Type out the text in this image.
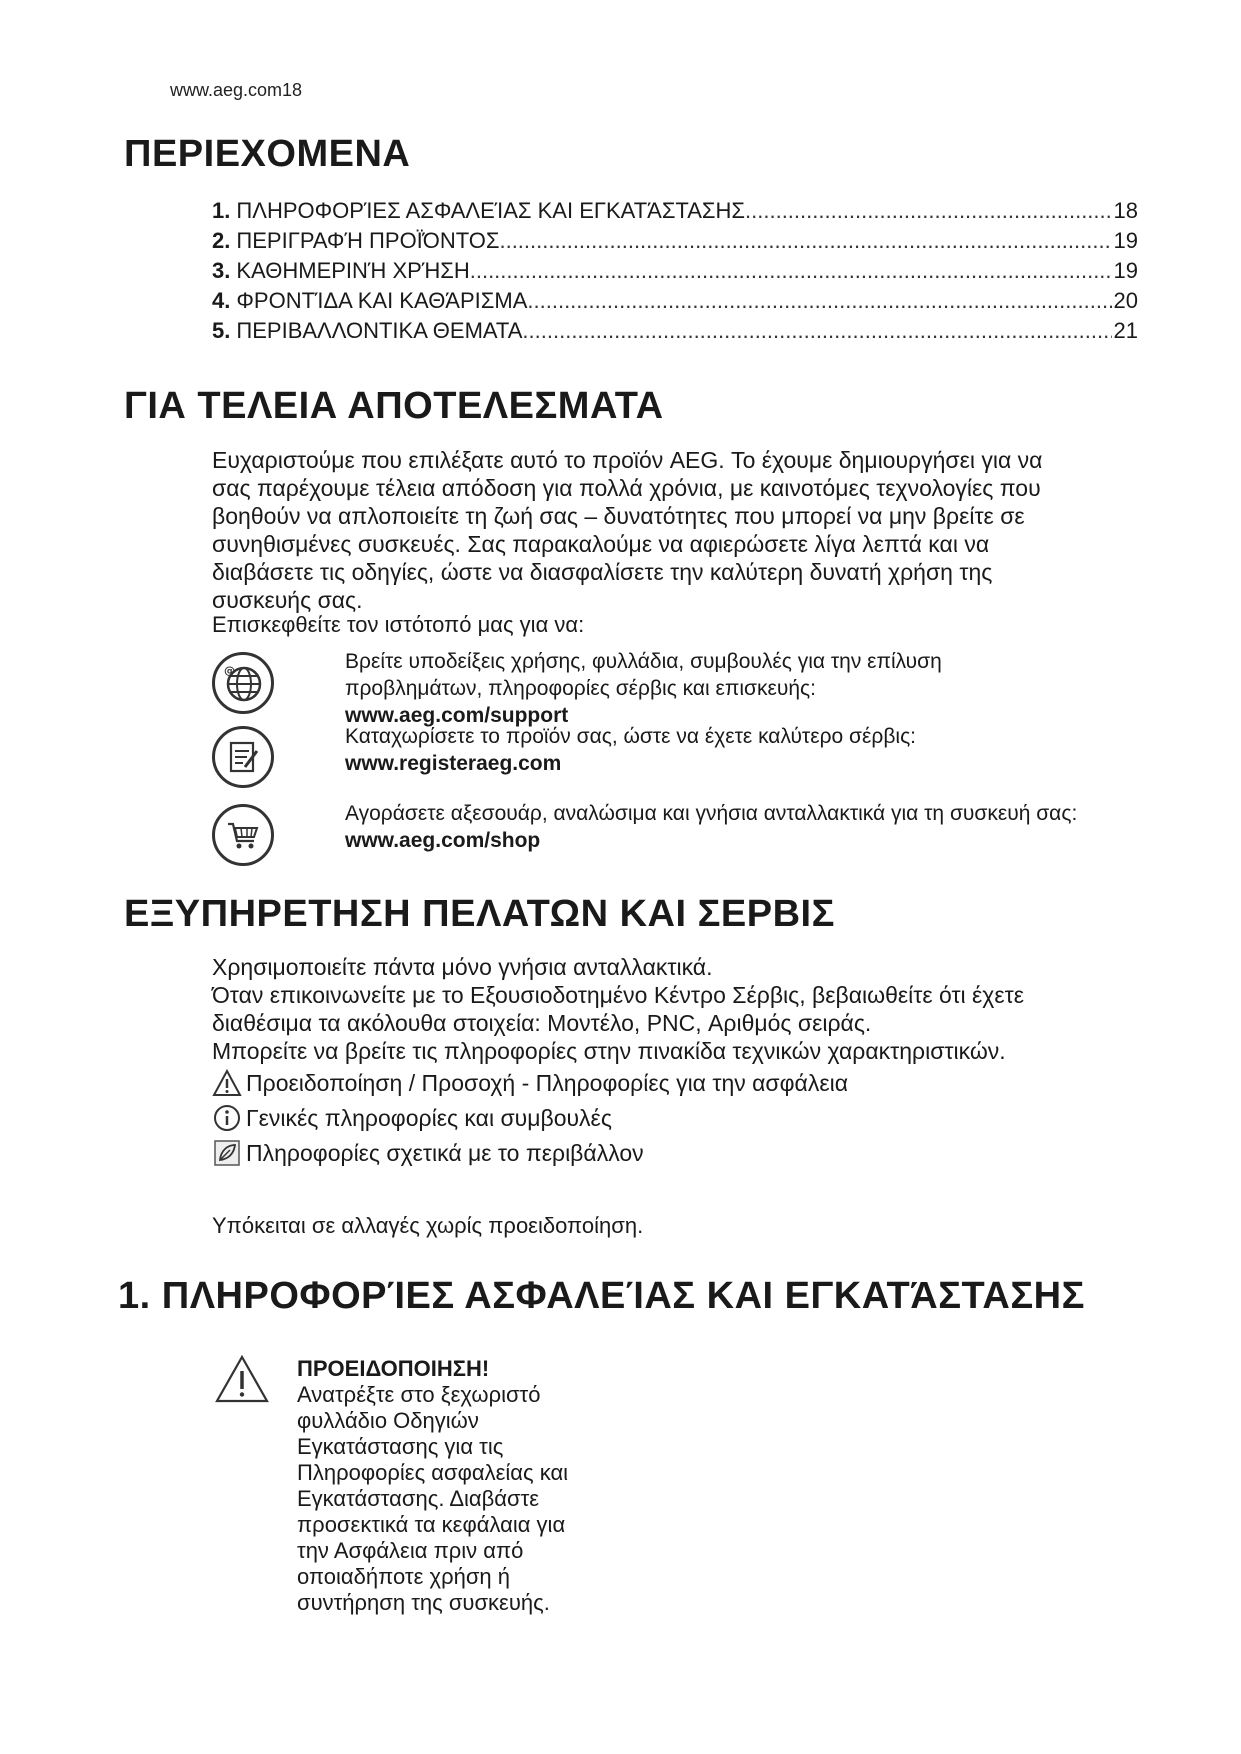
www.aeg.com18
ΠΕΡΙΕΧΟΜΕΝΑ
1. ΠΛΗΡΟΦΟΡΊΕΣ ΑΣΦΑΛΕΊΑΣ ΚΑΙ ΕΓΚΑΤΆΣΤΑΣΗΣ .....	18
2. ΠΕΡΙΓΡΑΦΉ ΠΡΟΪΌΝΤΟΣ .....	19
3. ΚΑΘΗΜΕΡΙΝΉ ΧΡΉΣΗ .....	19
4. ΦΡΟΝΤΊΔΑ ΚΑΙ ΚΑΘΆΡΙΣΜΑ .....	20
5. ΠΕΡΙΒΑΛΛΟΝΤΙΚΑ ΘΕΜΑΤΑ .....	21
ΓΙΑ ΤΕΛΕΙΑ ΑΠΟΤΕΛΕΣΜΑΤΑ

Ευχαριστούμε που επιλέξατε αυτό το προϊόν AEG. Το έχουμε δημιουργήσει για να

σας παρέχουμε τέλεια απόδοση για πολλά χρόνια, με καινοτόμες τεχνολογίες που

βοηθούν να απλοποιείτε τη ζωή σας – δυνατότητες που μπορεί να μην βρείτε σε

συνηθισμένες συσκευές. Σας παρακαλούμε να αφιερώσετε λίγα λεπτά και να

διαβάσετε τις οδηγίες, ώστε να διασφαλίσετε την καλύτερη δυνατή χρήση της

συσκευής σας.

Επισκεφθείτε τον ιστότοπό μας για να:
@	Βρείτε υποδείξεις χρήσης, φυλλάδια, συμβουλές για την επίλυση
προβλημάτων, πληροφορίες σέρβις και επισκευής:
www.aeg.com/support
Καταχωρίσετε το προϊόν σας, ώστε να έχετε καλύτερο σέρβις:
www.registeraeg.com
Αγοράσετε αξεσουάρ, αναλώσιμα και γνήσια ανταλλακτικά για τη συσκευή σας:
www.aeg.com/shop
ΕΞΥΠΗΡΕΤΗΣΗ ΠΕΛΑΤΩΝ ΚΑΙ ΣΕΡΒΙΣ

Χρησιμοποιείτε πάντα μόνο γνήσια ανταλλακτικά.

Όταν επικοινωνείτε με το Εξουσιοδοτημένο Κέντρο Σέρβις, βεβαιωθείτε ότι έχετε

διαθέσιμα τα ακόλουθα στοιχεία: Μοντέλο, PNC, Αριθμός σειράς.

Μπορείτε να βρείτε τις πληροφορίες στην πινακίδα τεχνικών χαρακτηριστικών.

Προειδοποίηση / Προσοχή - Πληροφορίες για την ασφάλεια
Γενικές πληροφορίες και συμβουλές
Πληροφορίες σχετικά με το περιβάλλον
Υπόκειται σε αλλαγές χωρίς προειδοποίηση.
1. ΠΛΗΡΟΦΟΡΊΕΣ ΑΣΦΑΛΕΊΑΣ ΚΑΙ ΕΓΚΑΤΆΣΤΑΣΗΣ
ΠΡΟΕΙΔΟΠΟΙΗΣΗ!
Ανατρέξτε στο ξεχωριστό
φυλλάδιο Οδηγιών
Εγκατάστασης για τις
Πληροφορίες ασφαλείας και
Εγκατάστασης. Διαβάστε
προσεκτικά τα κεφάλαια για
την Ασφάλεια πριν από
οποιαδήποτε χρήση ή
συντήρηση της συσκευής.
